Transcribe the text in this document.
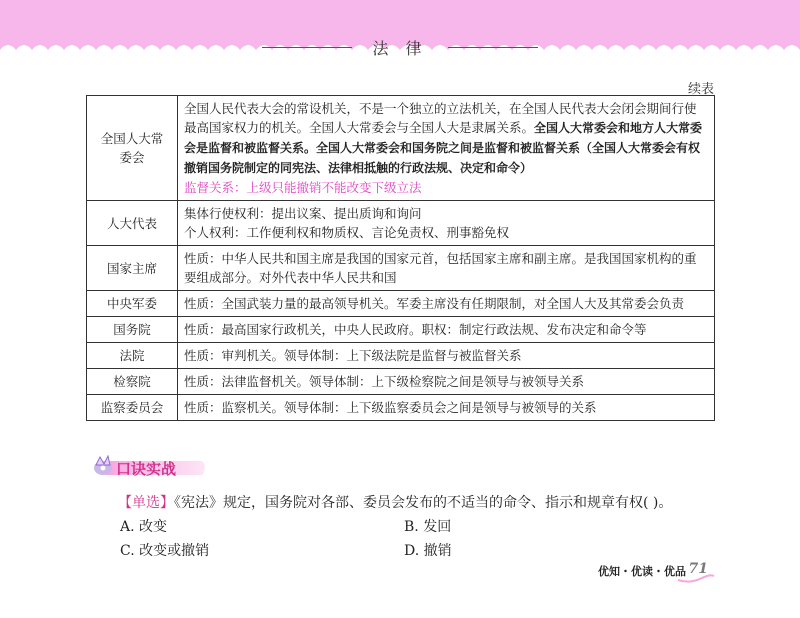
法 律
续表
全国人大常委会	全国人民代表大会的常设机关，不是一个独立的立法机关，在全国人民代表大会闭会期间行使最高国家权力的机关。全国人大常委会与全国人大是隶属关系。全国人大常委会和地方人大常委会是监督和被监督关系。全国人大常委会和国务院之间是监督和被监督关系（全国人大常委会有权撤销国务院制定的同宪法、法律相抵触的行政法规、决定和命令）
监督关系：上级只能撤销不能改变下级立法

人大代表	集体行使权利：提出议案、提出质询和询问
个人权利：工作便利权和物质权、言论免责权、刑事豁免权

国家主席	性质：中华人民共和国主席是我国的国家元首，包括国家主席和副主席。是我国国家机构的重要组成部分。对外代表中华人民共和国

中央军委	性质：全国武装力量的最高领导机关。军委主席没有任期限制，对全国人大及其常委会负责

国务院	性质：最高国家行政机关，中央人民政府。职权：制定行政法规、发布决定和命令等

法院	性质：审判机关。领导体制：上下级法院是监督与被监督关系

检察院	性质：法律监督机关。领导体制：上下级检察院之间是领导与被领导关系

监察委员会	性质：监察机关。领导体制：上下级监察委员会之间是领导与被领导的关系
口诀实战
【单选】《宪法》规定，国务院对各部、委员会发布的不适当的命令、指示和规章有权( )。
A. 改变	B. 发回
C. 改变或撤销	D. 撤销
优知・优读・优品 71
